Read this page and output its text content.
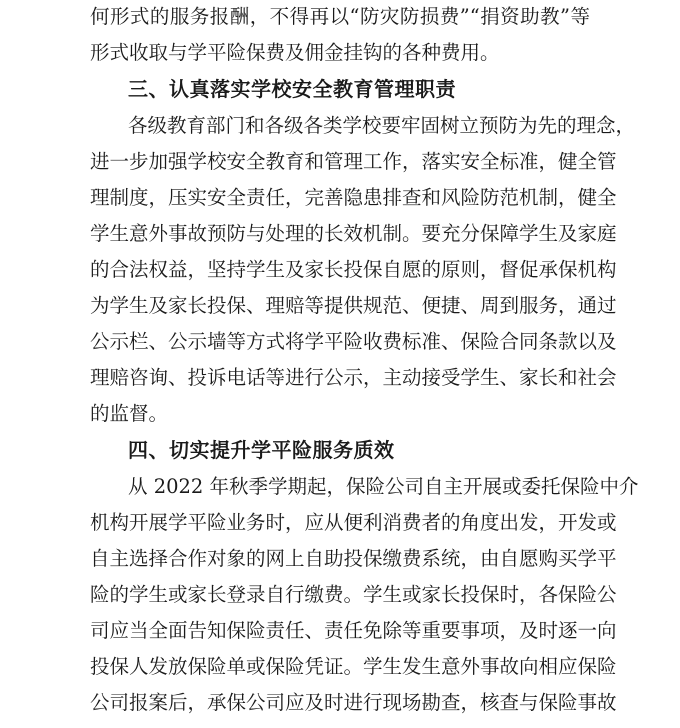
何形式的服务报酬，不得再以“防灾防损费”“捐资助教”等
形式收取与学平险保费及佣金挂钩的各种费用。
三、认真落实学校安全教育管理职责
各级教育部门和各级各类学校要牢固树立预防为先的理念，
进一步加强学校安全教育和管理工作，落实安全标准，健全管
理制度，压实安全责任，完善隐患排查和风险防范机制，健全
学生意外事故预防与处理的长效机制。要充分保障学生及家庭
的合法权益，坚持学生及家长投保自愿的原则，督促承保机构
为学生及家长投保、理赔等提供规范、便捷、周到服务，通过
公示栏、公示墙等方式将学平险收费标准、保险合同条款以及
理赔咨询、投诉电话等进行公示，主动接受学生、家长和社会
的监督。
四、切实提升学平险服务质效
从 2022 年秋季学期起，保险公司自主开展或委托保险中介
机构开展学平险业务时，应从便利消费者的角度出发，开发或
自主选择合作对象的网上自助投保缴费系统，由自愿购买学平
险的学生或家长登录自行缴费。学生或家长投保时，各保险公
司应当全面告知保险责任、责任免除等重要事项，及时逐一向
投保人发放保险单或保险凭证。学生发生意外事故向相应保险
公司报案后，承保公司应及时进行现场勘查，核查与保险事故
